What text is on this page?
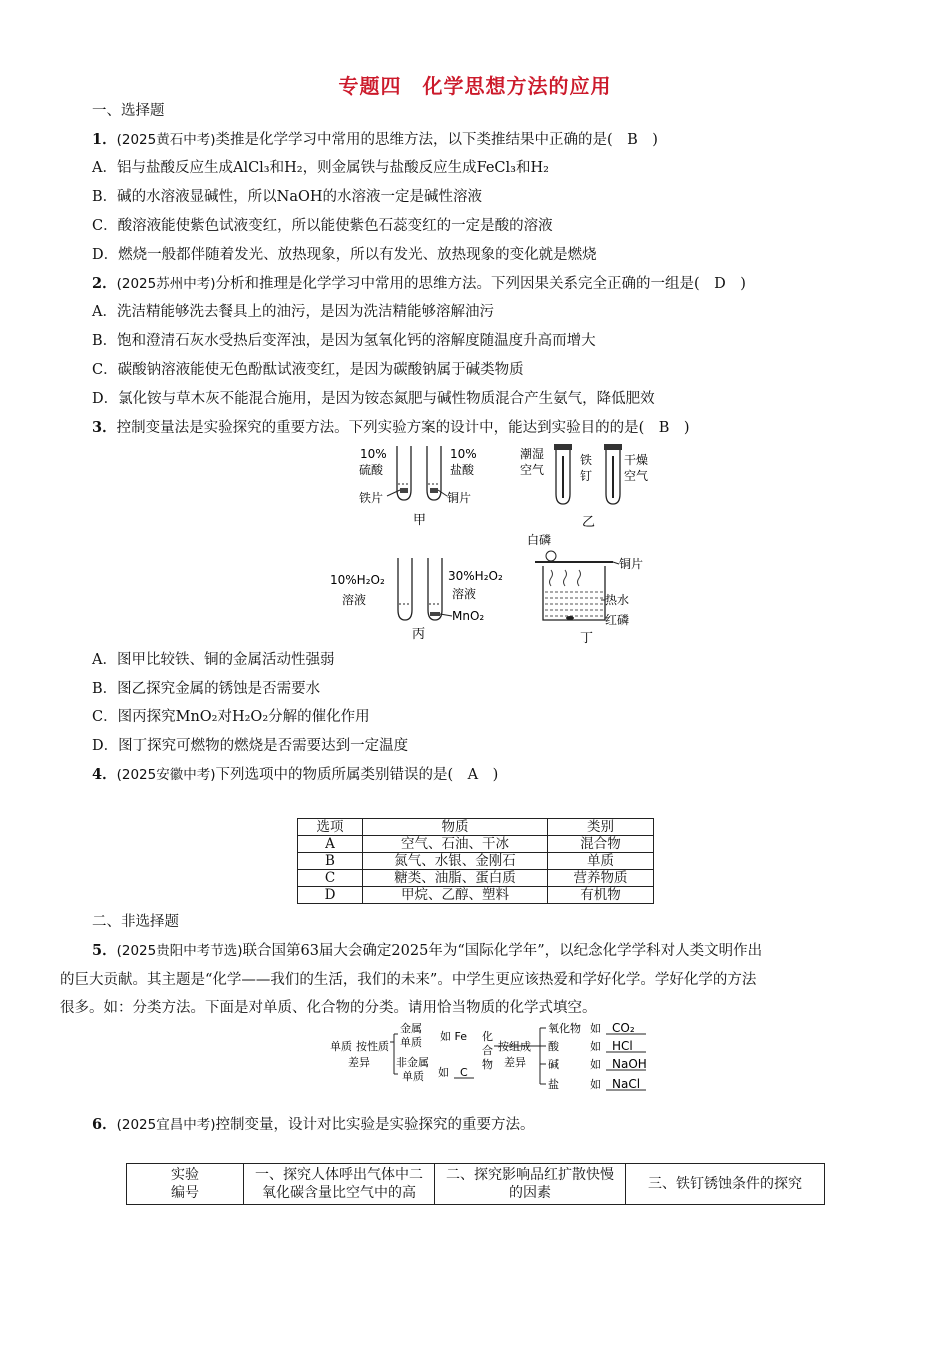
专题四　化学思想方法的应用
一、选择题
1．(2025黄石中考)类推是化学学习中常用的思维方法，以下类推结果中正确的是(　B　)
A．铝与盐酸反应生成AlCl₃和H₂，则金属铁与盐酸反应生成FeCl₃和H₂
B．碱的水溶液显碱性，所以NaOH的水溶液一定是碱性溶液
C．酸溶液能使紫色试液变红，所以能使紫色石蕊变红的一定是酸的溶液
D．燃烧一般都伴随着发光、放热现象，所以有发光、放热现象的变化就是燃烧
2．(2025苏州中考)分析和推理是化学学习中常用的思维方法。下列因果关系完全正确的一组是(　D　)
A．洗洁精能够洗去餐具上的油污，是因为洗洁精能够溶解油污
B．饱和澄清石灰水受热后变浑浊，是因为氢氧化钙的溶解度随温度升高而增大
C．碳酸钠溶液能使无色酚酞试液变红，是因为碳酸钠属于碱类物质
D．氯化铵与草木灰不能混合施用，是因为铵态氮肥与碱性物质混合产生氨气，降低肥效
3．控制变量法是实验探究的重要方法。下列实验方案的设计中，能达到实验目的的是(　B　)
10%
硫酸
10%
盐酸
铁片	铜片
甲
潮湿
空气
铁
钉
干燥
空气
乙
10%H₂O₂
溶液
30%H₂O₂
溶液
MnO₂
丙
白磷
铜片
热水
红磷
丁
A．图甲比较铁、铜的金属活动性强弱
B．图乙探究金属的锈蚀是否需要水
C．图丙探究MnO₂对H₂O₂分解的催化作用
D．图丁探究可燃物的燃烧是否需要达到一定温度
4．(2025安徽中考)下列选项中的物质所属类别错误的是(　A　)
选项	物质	类别
A	空气、石油、干冰	混合物
B	氮气、水银、金刚石	单质
C	糖类、油脂、蛋白质	营养物质
D	甲烷、乙醇、塑料	有机物
二、非选择题
5．(2025贵阳中考节选)联合国第63届大会确定2025年为“国际化学年”，以纪念化学学科对人类文明作出
的巨大贡献。其主题是“化学——我们的生活，我们的未来”。中学生更应该热爱和学好化学。学好化学的方法
很多。如：分类方法。下面是对单质、化合物的分类。请用恰当物质的化学式填空。
单质 按性质
差异
金属
单质 如 Fe
非金属
单质 如 C
化
合
物
按组成
差异
氧化物
酸
碱
盐
如
如
如
如
CO₂
HCl
NaOH
NaCl
6．(2025宜昌中考)控制变量，设计对比实验是实验探究的重要方法。
实验
编号	一、探究人体呼出气体中二氧化碳含量比空气中的高	二、探究影响品红扩散快慢的因素	三、铁钉锈蚀条件的探究
